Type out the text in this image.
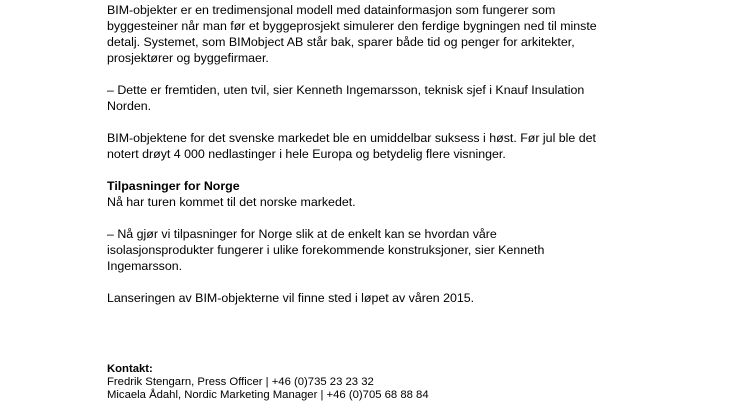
BIM-objekter er en tredimensjonal modell med datainformasjon som fungerer som
byggesteiner når man før et byggeprosjekt simulerer den ferdige bygningen ned til minste
detalj. Systemet, som BIMobject AB står bak, sparer både tid og penger for arkitekter,
prosjektører og byggefirmaer.

– Dette er fremtiden, uten tvil, sier Kenneth Ingemarsson, teknisk sjef i Knauf Insulation
Norden.

BIM-objektene for det svenske markedet ble en umiddelbar suksess i høst. Før jul ble det
notert drøyt 4 000 nedlastinger i hele Europa og betydelig flere visninger.

Tilpasninger for Norge
Nå har turen kommet til det norske markedet.

– Nå gjør vi tilpasninger for Norge slik at de enkelt kan se hvordan våre
isolasjonsprodukter fungerer i ulike forekommende konstruksjoner, sier Kenneth
Ingemarsson.

Lanseringen av BIM-objekterne vil finne sted i løpet av våren 2015.

Kontakt:
Fredrik Stengarn, Press Officer | +46 (0)735 23 23 32
Micaela Ådahl, Nordic Marketing Manager | +46 (0)705 68 88 84
